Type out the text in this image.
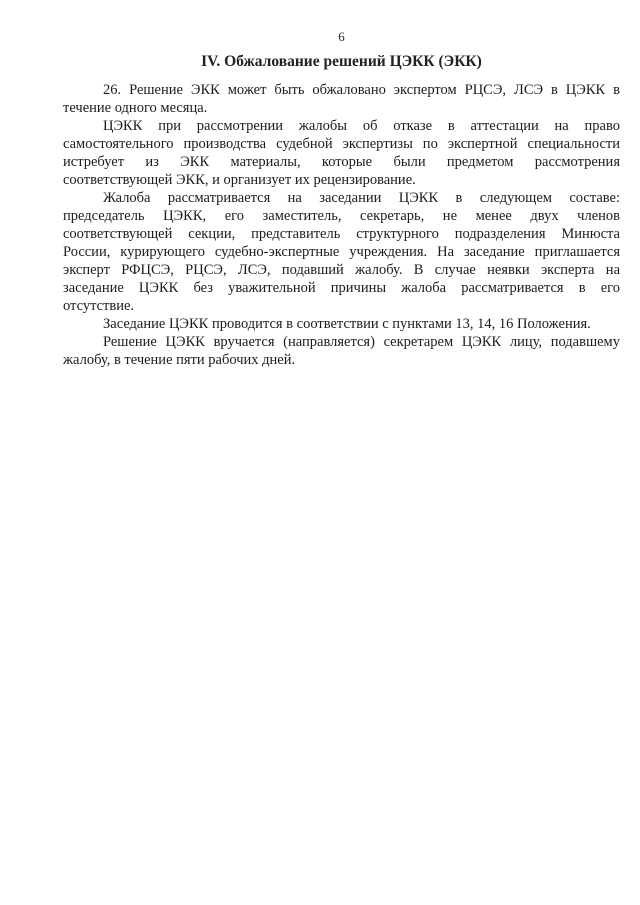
6
IV. Обжалование решений ЦЭКК (ЭКК)
26. Решение ЭКК может быть обжаловано экспертом РЦСЭ, ЛСЭ в ЦЭКК в
течение одного месяца.
ЦЭКК при рассмотрении жалобы об отказе в аттестации на право
самостоятельного производства судебной экспертизы по экспертной специальности
истребует из ЭКК материалы, которые были предметом рассмотрения
соответствующей ЭКК, и организует их рецензирование.
Жалоба рассматривается на заседании ЦЭКК в следующем составе:
председатель ЦЭКК, его заместитель, секретарь, не менее двух членов
соответствующей секции, представитель структурного подразделения Минюста
России, курирующего судебно-экспертные учреждения. На заседание приглашается
эксперт РФЦСЭ, РЦСЭ, ЛСЭ, подавший жалобу. В случае неявки эксперта на
заседание ЦЭКК без уважительной причины жалоба рассматривается в его
отсутствие.
Заседание ЦЭКК проводится в соответствии с пунктами 13, 14, 16 Положения.
Решение ЦЭКК вручается (направляется) секретарем ЦЭКК лицу, подавшему
жалобу, в течение пяти рабочих дней.
